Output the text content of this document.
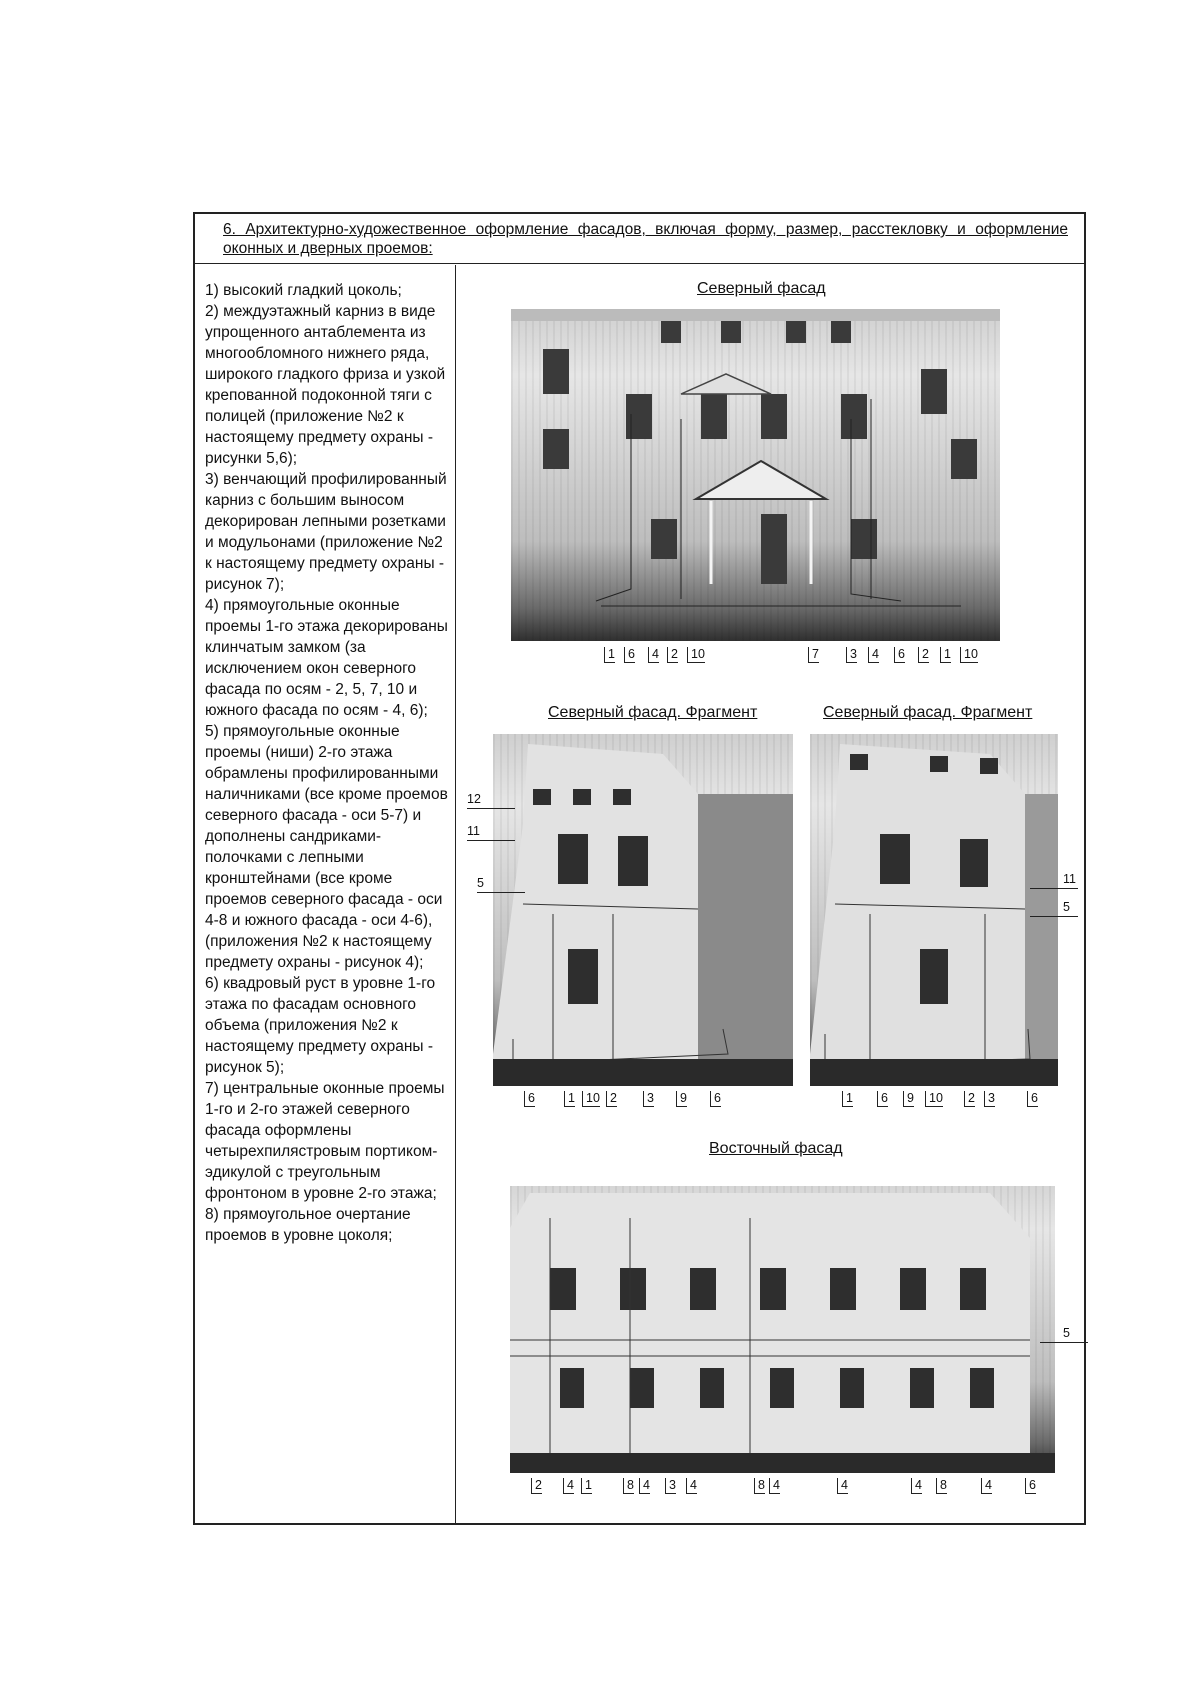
6. Архитектурно-художественное оформление фасадов, включая форму, размер, расстекловку и оформление оконных и дверных проемов:

1) высокий гладкий цоколь;

2) междуэтажный карниз в виде упрощенного антаблемента из многообломного нижнего ряда, широкого гладкого фриза и узкой крепованной подоконной тяги с полицей (приложение №2 к настоящему предмету охраны - рисунки 5,6);

3) венчающий профилированный карниз с большим выносом декорирован лепными розетками и модульонами (приложение №2 к настоящему предмету охраны - рисунок 7);

4) прямоугольные оконные проемы 1-го этажа декорированы клинчатым замком (за исключением окон северного фасада по осям - 2, 5, 7, 10 и южного фасада по осям - 4, 6);

5) прямоугольные оконные проемы (ниши) 2-го этажа обрамлены профилированными наличниками (все кроме проемов северного фасада - оси 5-7) и дополнены сандриками-полочками с лепными кронштейнами (все кроме проемов северного фасада - оси 4-8 и южного фасада - оси 4-6), (приложения №2 к настоящему предмету охраны - рисунок 4);

6) квадровый руст в уровне 1-го этажа по фасадам основного объема (приложения №2 к настоящему предмету охраны - рисунок 5);

7) центральные оконные проемы 1-го и 2-го этажей северного фасада оформлены четырехпилястровым портиком-эдикулой с треугольным фронтоном в уровне 2-го этажа;

8) прямоугольное очертание проемов в уровне цоколя;

Северный фасад
1	6	4 2	10	7	3	4	6	2	1	10
Северный фасад. Фрагмент
12
11
5
6	1 10 2	3	9	6
Северный фасад. Фрагмент
11
5
1	6	9	10	2	3	6
Восточный фасад
5
2	4 1	8 4	3	4	8 4	4	4	8	4	6
